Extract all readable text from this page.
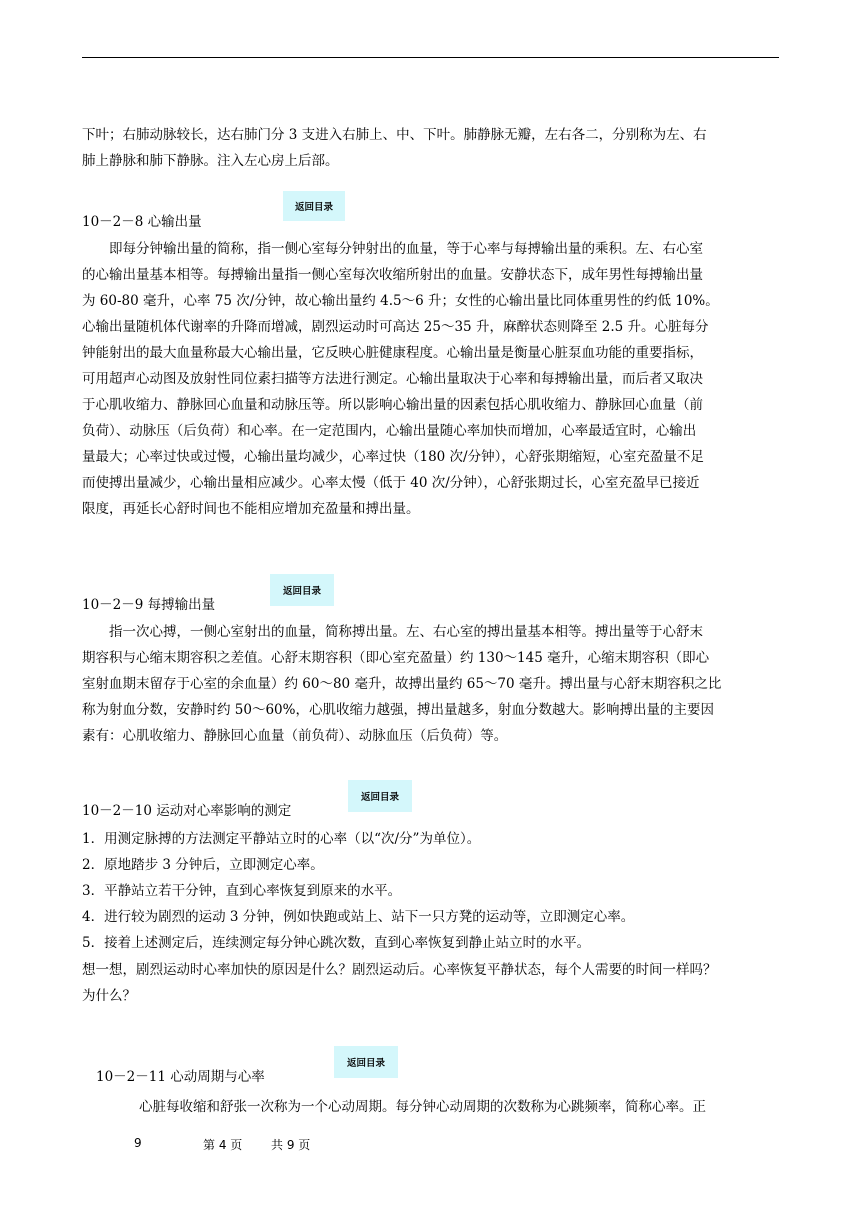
下叶；右肺动脉较长，达右肺门分 3 支进入右肺上、中、下叶。肺静脉无瓣，左右各二，分别称为左、右
肺上静脉和肺下静脉。注入左心房上后部。
返回目录
10－2－8 心输出量
　　即每分钟输出量的简称，指一侧心室每分钟射出的血量，等于心率与每搏输出量的乘积。左、右心室
的心输出量基本相等。每搏输出量指一侧心室每次收缩所射出的血量。安静状态下，成年男性每搏输出量
为 60-80 毫升，心率 75 次/分钟，故心输出量约 4.5～6 升；女性的心输出量比同体重男性的约低 10%。
心输出量随机体代谢率的升降而增减，剧烈运动时可高达 25～35 升，麻醉状态则降至 2.5 升。心脏每分
钟能射出的最大血量称最大心输出量，它反映心脏健康程度。心输出量是衡量心脏泵血功能的重要指标，
可用超声心动图及放射性同位素扫描等方法进行测定。心输出量取决于心率和每搏输出量，而后者又取决
于心肌收缩力、静脉回心血量和动脉压等。所以影响心输出量的因素包括心肌收缩力、静脉回心血量（前
负荷）、动脉压（后负荷）和心率。在一定范围内，心输出量随心率加快而增加，心率最适宜时，心输出
量最大；心率过快或过慢，心输出量均减少，心率过快（180 次/分钟），心舒张期缩短，心室充盈量不足
而使搏出量减少，心输出量相应减少。心率太慢（低于 40 次/分钟），心舒张期过长，心室充盈早已接近
限度，再延长心舒时间也不能相应增加充盈量和搏出量。
返回目录
10－2－9 每搏输出量
　　指一次心搏，一侧心室射出的血量，简称搏出量。左、右心室的搏出量基本相等。搏出量等于心舒末
期容积与心缩末期容积之差值。心舒末期容积（即心室充盈量）约 130～145 毫升，心缩末期容积（即心
室射血期末留存于心室的余血量）约 60～80 毫升，故搏出量约 65～70 毫升。搏出量与心舒末期容积之比
称为射血分数，安静时约 50～60%，心肌收缩力越强，搏出量越多，射血分数越大。影响搏出量的主要因
素有：心肌收缩力、静脉回心血量（前负荷）、动脉血压（后负荷）等。
返回目录
10－2－10 运动对心率影响的测定
1．用测定脉搏的方法测定平静站立时的心率（以“次/分”为单位）。
2．原地踏步 3 分钟后，立即测定心率。
3．平静站立若干分钟，直到心率恢复到原来的水平。
4．进行较为剧烈的运动 3 分钟，例如快跑或站上、站下一只方凳的运动等，立即测定心率。
5．接着上述测定后，连续测定每分钟心跳次数，直到心率恢复到静止站立时的水平。
想一想，剧烈运动时心率加快的原因是什么？剧烈运动后。心率恢复平静状态，每个人需要的时间一样吗？
为什么？
返回目录
10－2－11 心动周期与心率
　　心脏每收缩和舒张一次称为一个心动周期。每分钟心动周期的次数称为心跳频率，简称心率。正
9	第 4 页 共 9 页
